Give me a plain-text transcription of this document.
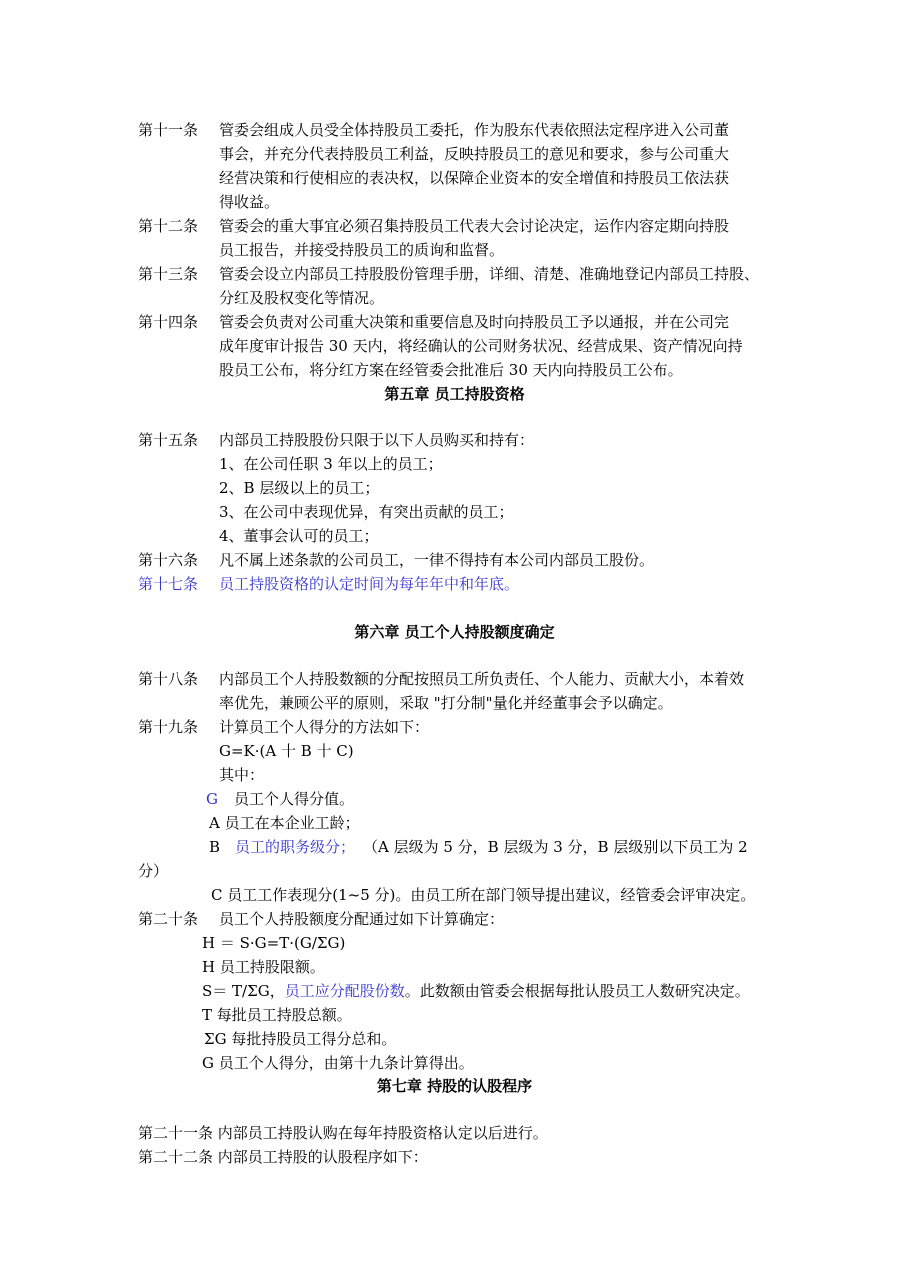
第十一条	管委会组成人员受全体持股员工委托，作为股东代表依照法定程序进入公司董
事会，并充分代表持股员工利益，反映持股员工的意见和要求，参与公司重大
经营决策和行使相应的表决权，以保障企业资本的安全增值和持股员工依法获
得收益。
第十二条	管委会的重大事宜必须召集持股员工代表大会讨论决定，运作内容定期向持股
员工报告，并接受持股员工的质询和监督。
第十三条	管委会设立内部员工持股股份管理手册，详细、清楚、准确地登记内部员工持股、
分红及股权变化等情况。
第十四条	管委会负责对公司重大决策和重要信息及时向持股员工予以通报，并在公司完
成年度审计报告 30 天内，将经确认的公司财务状况、经营成果、资产情况向持
股员工公布，将分红方案在经管委会批准后 30 天内向持股员工公布。
第五章 员工持股资格
第十五条	内部员工持股股份只限于以下人员购买和持有：
1、在公司任职 3 年以上的员工；
2、B 层级以上的员工；
3、在公司中表现优异，有突出贡献的员工；
4、董事会认可的员工；
第十六条	凡不属上述条款的公司员工，一律不得持有本公司内部员工股份。
第十七条	员工持股资格的认定时间为每年年中和年底。
第六章 员工个人持股额度确定
第十八条	内部员工个人持股数额的分配按照员工所负责任、个人能力、贡献大小，本着效
率优先，兼顾公平的原则，采取 "打分制"量化并经董事会予以确定。
第十九条	计算员工个人得分的方法如下：
G=K·(A 十 B 十 C)
其中：
G 员工个人得分值。
A 员工在本企业工龄；
B 员工的职务级分； （A 层级为 5 分，B 层级为 3 分，B 层级别以下员工为 2
分）
C 员工工作表现分(1~5 分)。由员工所在部门领导提出建议，经管委会评审决定。
第二十条	员工个人持股额度分配通过如下计算确定：
H ＝ S·G=T·(G/ΣG)
H 员工持股限额。
S＝ T/ΣG，员工应分配股份数。此数额由管委会根据每批认股员工人数研究决定。
T 每批员工持股总额。
ΣG 每批持股员工得分总和。
G 员工个人得分，由第十九条计算得出。
第七章 持股的认股程序
第二十一条 内部员工持股认购在每年持股资格认定以后进行。
第二十二条 内部员工持股的认股程序如下：
